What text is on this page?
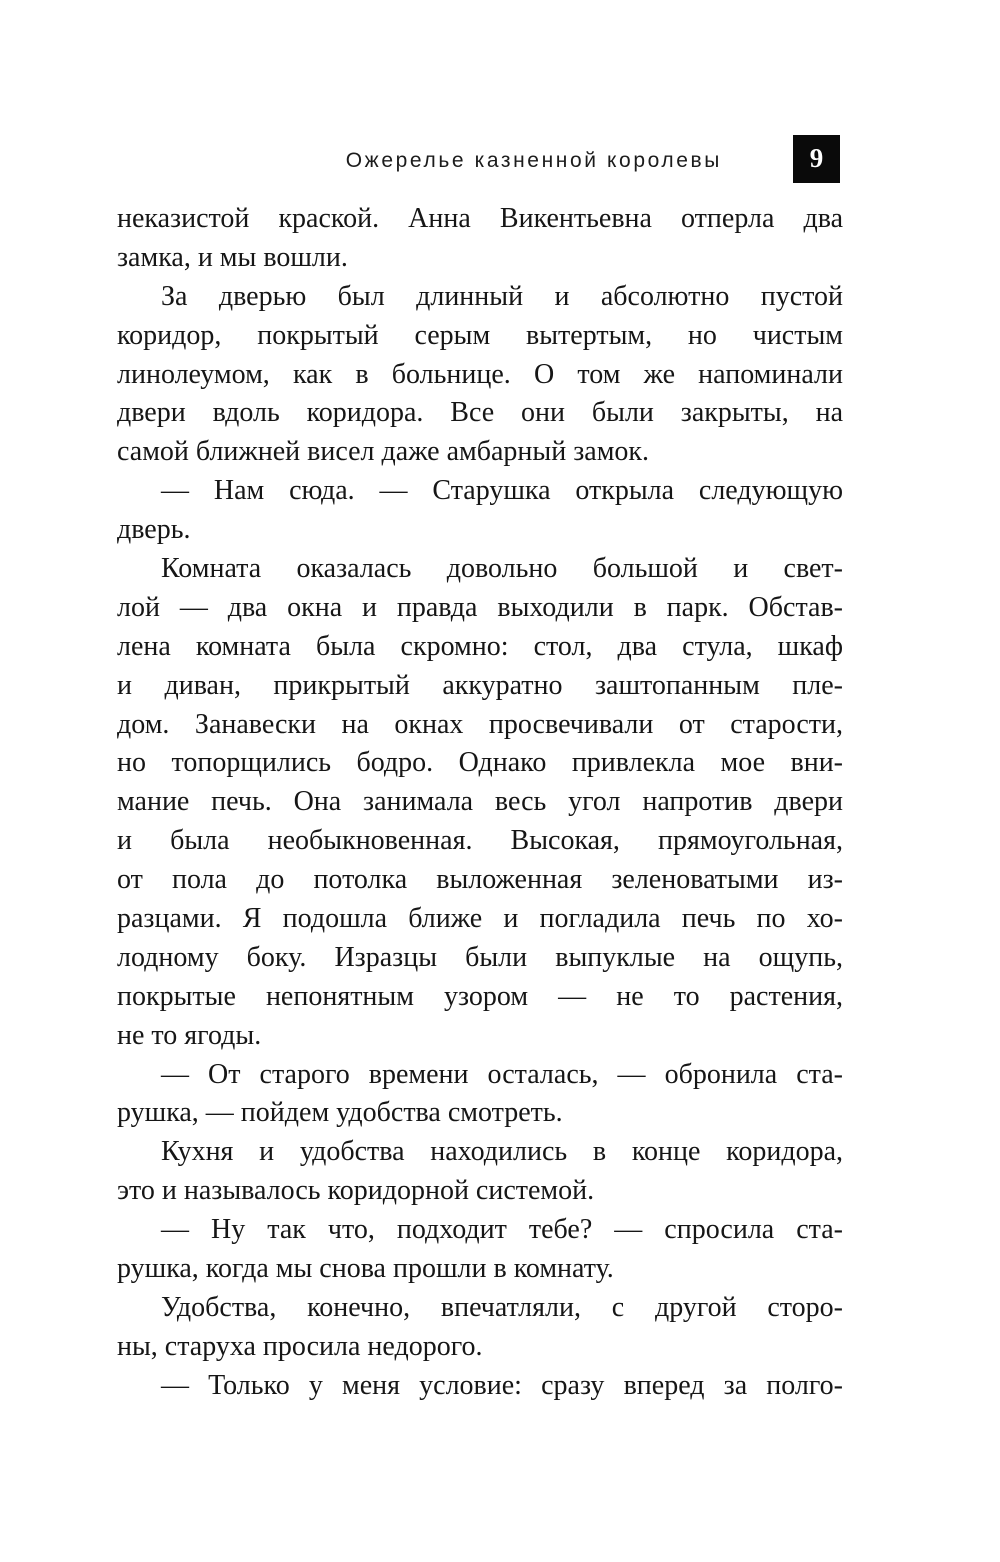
Ожерелье казненной королевы	9
неказистой краской. Анна Викентьевна отперла два
замка, и мы вошли.
За дверью был длинный и абсолютно пустой
коридор, покрытый серым вытертым, но чистым
линолеумом, как в больнице. О том же напоминали
двери вдоль коридора. Все они были закрыты, на
самой ближней висел даже амбарный замок.
— Нам сюда. — Старушка открыла следующую
дверь.
Комната оказалась довольно большой и свет-
лой — два окна и правда выходили в парк. Обстав-
лена комната была скромно: стол, два стула, шкаф
и диван, прикрытый аккуратно заштопанным пле-
дом. Занавески на окнах просвечивали от старости,
но топорщились бодро. Однако привлекла мое вни-
мание печь. Она занимала весь угол напротив двери
и была необыкновенная. Высокая, прямоугольная,
от пола до потолка выложенная зеленоватыми из-
разцами. Я подошла ближе и погладила печь по хо-
лодному боку. Изразцы были выпуклые на ощупь,
покрытые непонятным узором — не то растения,
не то ягоды.
— От старого времени осталась, — обронила ста-
рушка, — пойдем удобства смотреть.
Кухня и удобства находились в конце коридора,
это и называлось коридорной системой.
— Ну так что, подходит тебе? — спросила ста-
рушка, когда мы снова прошли в комнату.
Удобства, конечно, впечатляли, с другой сторо-
ны, старуха просила недорого.
— Только у меня условие: сразу вперед за полго-
